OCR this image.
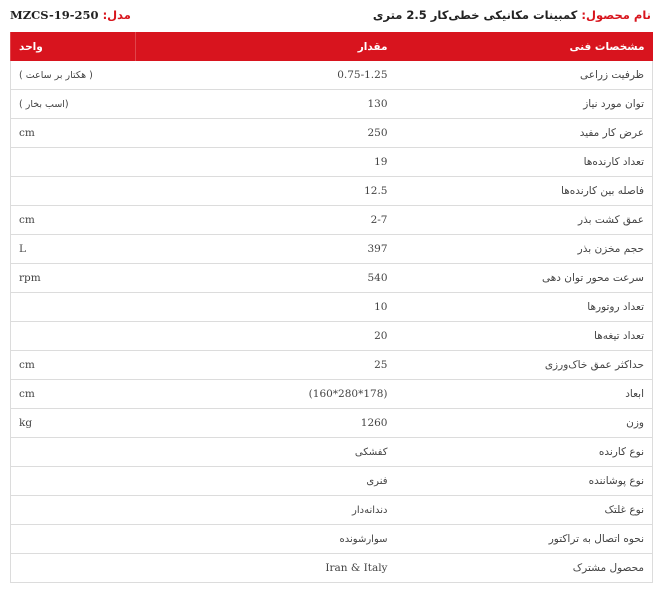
نام محصول: کمبینات مکانیکی خطی‌کار 2.5 متری
مدل: MZCS-19-250
واحد	مقدار	مشخصات فنی
( هکتار بر ساعت )	0.75-1.25	ظرفیت زراعی
(اسب بخار )	130	توان مورد نیاز
cm	250	عرض کار مفید
	19	تعداد کارنده‌ها
	12.5	فاصله بین کارنده‌ها
cm	2-7	عمق کشت بذر
L	397	حجم مخزن بذر
rpm	540	سرعت محور توان دهی
	10	تعداد روتورها
	20	تعداد تیغه‌ها
cm	25	حداکثر عمق خاک‌ورزی
cm	(160*280*178)	ابعاد
kg	1260	وزن
	کفشکی	نوع کارنده
	فنری	نوع پوشاننده
	دندانه‌دار	نوع غلتک
	سوارشونده	نحوه اتصال به تراکتور
	Iran & Italy	محصول مشترک
